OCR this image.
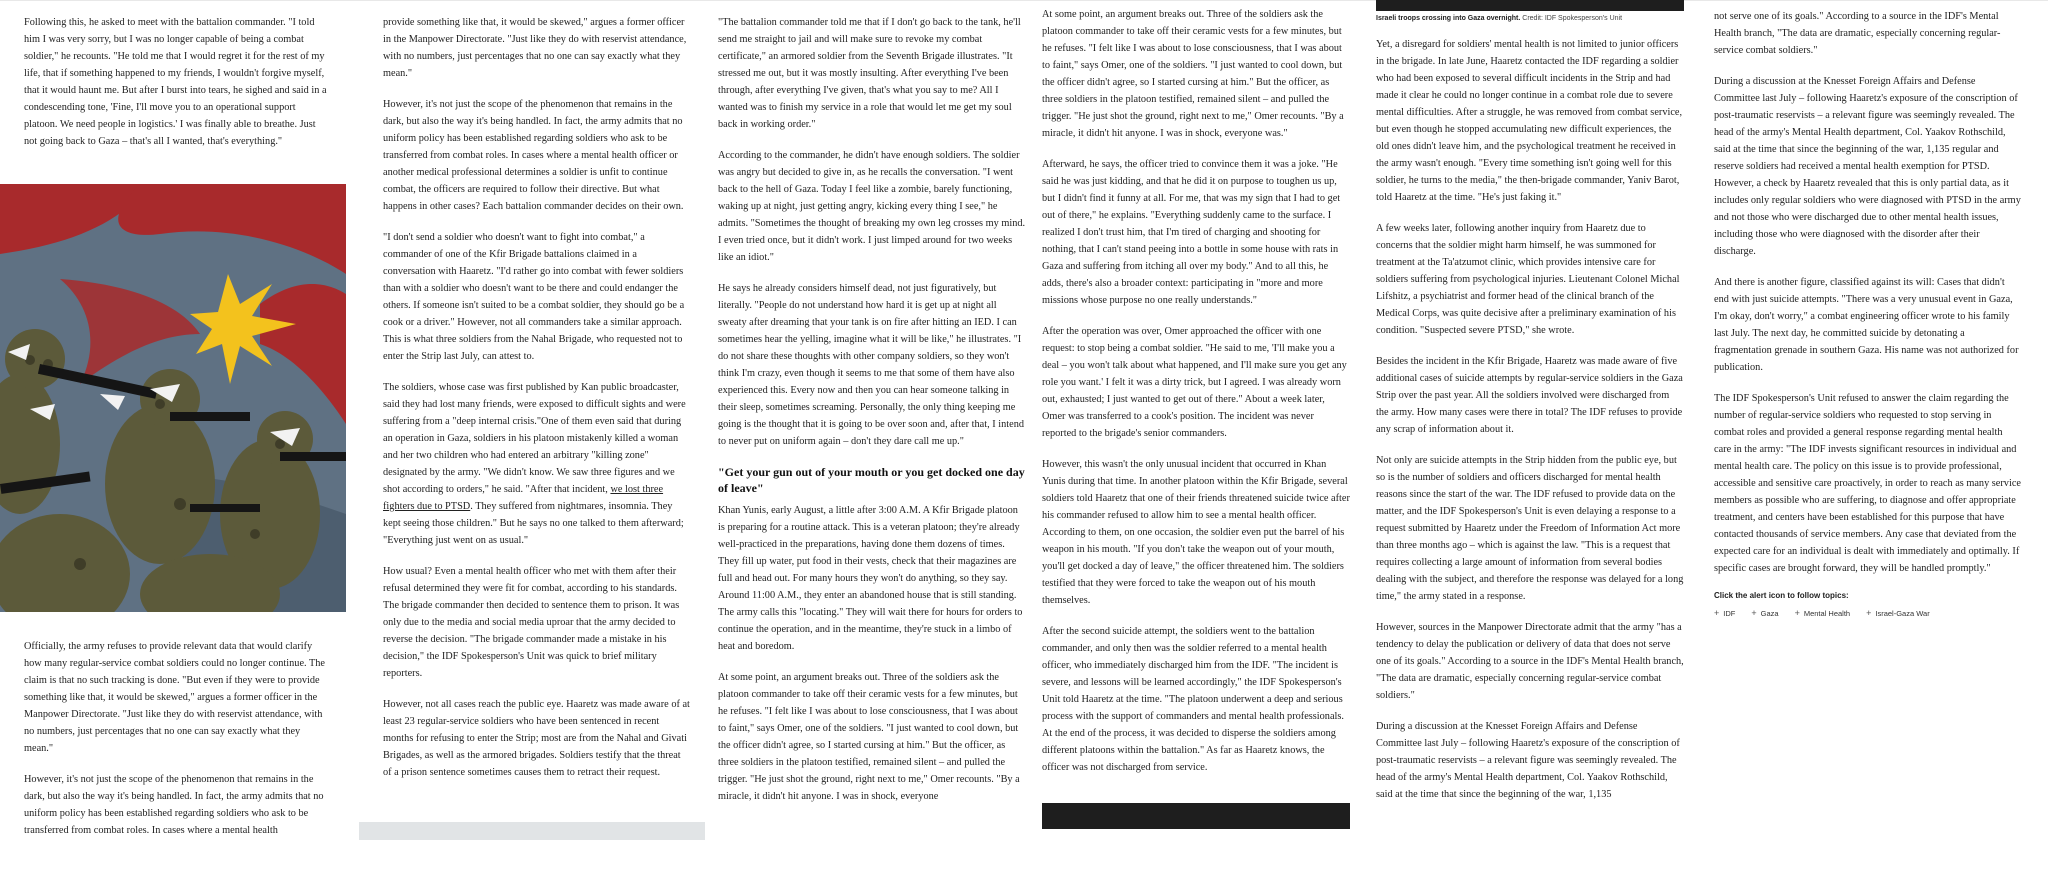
Following this, he asked to meet with the battalion commander. "I told him I was very sorry, but I was no longer capable of being a combat soldier," he recounts. "He told me that I would regret it for the rest of my life, that if something happened to my friends, I wouldn't forgive myself, that it would haunt me. But after I burst into tears, he sighed and said in a condescending tone, 'Fine, I'll move you to an operational support platoon. We need people in logistics.' I was finally able to breathe. Just not going back to Gaza – that's all I wanted, that's everything."

Officially, the army refuses to provide relevant data that would clarify how many regular-service combat soldiers could no longer continue. The claim is that no such tracking is done. "But even if they were to provide something like that, it would be skewed," argues a former officer in the Manpower Directorate. "Just like they do with reservist attendance, with no numbers, just percentages that no one can say exactly what they mean."

However, it's not just the scope of the phenomenon that remains in the dark, but also the way it's being handled. In fact, the army admits that no uniform policy has been established regarding soldiers who ask to be transferred from combat roles. In cases where a mental health

provide something like that, it would be skewed," argues a former officer in the Manpower Directorate. "Just like they do with reservist attendance, with no numbers, just percentages that no one can say exactly what they mean."

However, it's not just the scope of the phenomenon that remains in the dark, but also the way it's being handled. In fact, the army admits that no uniform policy has been established regarding soldiers who ask to be transferred from combat roles. In cases where a mental health officer or another medical professional determines a soldier is unfit to continue combat, the officers are required to follow their directive. But what happens in other cases? Each battalion commander decides on their own.

"I don't send a soldier who doesn't want to fight into combat," a commander of one of the Kfir Brigade battalions claimed in a conversation with Haaretz. "I'd rather go into combat with fewer soldiers than with a soldier who doesn't want to be there and could endanger the others. If someone isn't suited to be a combat soldier, they should go be a cook or a driver." However, not all commanders take a similar approach. This is what three soldiers from the Nahal Brigade, who requested not to enter the Strip last July, can attest to.

The soldiers, whose case was first published by Kan public broadcaster, said they had lost many friends, were exposed to difficult sights and were suffering from a "deep internal crisis."One of them even said that during an operation in Gaza, soldiers in his platoon mistakenly killed a woman and her two children who had entered an arbitrary "killing zone" designated by the army. "We didn't know. We saw three figures and we shot according to orders," he said. "After that incident, we lost three fighters due to PTSD. They suffered from nightmares, insomnia. They kept seeing those children." But he says no one talked to them afterward; "Everything just went on as usual."

How usual? Even a mental health officer who met with them after their refusal determined they were fit for combat, according to his standards. The brigade commander then decided to sentence them to prison. It was only due to the media and social media uproar that the army decided to reverse the decision. "The brigade commander made a mistake in his decision," the IDF Spokesperson's Unit was quick to brief military reporters.

However, not all cases reach the public eye. Haaretz was made aware of at least 23 regular-service soldiers who have been sentenced in recent months for refusing to enter the Strip; most are from the Nahal and Givati Brigades, as well as the armored brigades. Soldiers testify that the threat of a prison sentence sometimes causes them to retract their request.

"The battalion commander told me that if I don't go back to the tank, he'll send me straight to jail and will make sure to revoke my combat certificate," an armored soldier from the Seventh Brigade illustrates. "It stressed me out, but it was mostly insulting. After everything I've been through, after everything I've given, that's what you say to me? All I wanted was to finish my service in a role that would let me get my soul back in working order."

According to the commander, he didn't have enough soldiers. The soldier was angry but decided to give in, as he recalls the conversation. "I went back to the hell of Gaza. Today I feel like a zombie, barely functioning, waking up at night, just getting angry, kicking every thing I see," he admits. "Sometimes the thought of breaking my own leg crosses my mind. I even tried once, but it didn't work. I just limped around for two weeks like an idiot."

He says he already considers himself dead, not just figuratively, but literally. "People do not understand how hard it is get up at night all sweaty after dreaming that your tank is on fire after hitting an IED. I can sometimes hear the yelling, imagine what it will be like," he illustrates. "I do not share these thoughts with other company soldiers, so they won't think I'm crazy, even though it seems to me that some of them have also experienced this. Every now and then you can hear someone talking in their sleep, sometimes screaming. Personally, the only thing keeping me going is the thought that it is going to be over soon and, after that, I intend to never put on uniform again – don't they dare call me up."

"Get your gun out of your mouth or you get docked one day of leave"

Khan Yunis, early August, a little after 3:00 A.M. A Kfir Brigade platoon is preparing for a routine attack. This is a veteran platoon; they're already well-practiced in the preparations, having done them dozens of times. They fill up water, put food in their vests, check that their magazines are full and head out. For many hours they won't do anything, so they say. Around 11:00 A.M., they enter an abandoned house that is still standing. The army calls this "locating." They will wait there for hours for orders to continue the operation, and in the meantime, they're stuck in a limbo of heat and boredom.

At some point, an argument breaks out. Three of the soldiers ask the platoon commander to take off their ceramic vests for a few minutes, but he refuses. "I felt like I was about to lose consciousness, that I was about to faint," says Omer, one of the soldiers. "I just wanted to cool down, but the officer didn't agree, so I started cursing at him." But the officer, as three soldiers in the platoon testified, remained silent – and pulled the trigger. "He just shot the ground, right next to me," Omer recounts. "By a miracle, it didn't hit anyone. I was in shock, everyone

At some point, an argument breaks out. Three of the soldiers ask the platoon commander to take off their ceramic vests for a few minutes, but he refuses. "I felt like I was about to lose consciousness, that I was about to faint," says Omer, one of the soldiers. "I just wanted to cool down, but the officer didn't agree, so I started cursing at him." But the officer, as three soldiers in the platoon testified, remained silent – and pulled the trigger. "He just shot the ground, right next to me," Omer recounts. "By a miracle, it didn't hit anyone. I was in shock, everyone was."

Afterward, he says, the officer tried to convince them it was a joke. "He said he was just kidding, and that he did it on purpose to toughen us up, but I didn't find it funny at all. For me, that was my sign that I had to get out of there," he explains. "Everything suddenly came to the surface. I realized I don't trust him, that I'm tired of charging and shooting for nothing, that I can't stand peeing into a bottle in some house with rats in Gaza and suffering from itching all over my body." And to all this, he adds, there's also a broader context: participating in "more and more missions whose purpose no one really understands."

After the operation was over, Omer approached the officer with one request: to stop being a combat soldier. "He said to me, 'I'll make you a deal – you won't talk about what happened, and I'll make sure you get any role you want.' I felt it was a dirty trick, but I agreed. I was already worn out, exhausted; I just wanted to get out of there." About a week later, Omer was transferred to a cook's position. The incident was never reported to the brigade's senior commanders.

However, this wasn't the only unusual incident that occurred in Khan Yunis during that time. In another platoon within the Kfir Brigade, several soldiers told Haaretz that one of their friends threatened suicide twice after his commander refused to allow him to see a mental health officer. According to them, on one occasion, the soldier even put the barrel of his weapon in his mouth. "If you don't take the weapon out of your mouth, you'll get docked a day of leave," the officer threatened him. The soldiers testified that they were forced to take the weapon out of his mouth themselves.

After the second suicide attempt, the soldiers went to the battalion commander, and only then was the soldier referred to a mental health officer, who immediately discharged him from the IDF. "The incident is severe, and lessons will be learned accordingly," the IDF Spokesperson's Unit told Haaretz at the time. "The platoon underwent a deep and serious process with the support of commanders and mental health professionals. At the end of the process, it was decided to disperse the soldiers among different platoons within the battalion." As far as Haaretz knows, the officer was not discharged from service.

Israeli troops crossing into Gaza overnight. Credit: IDF Spokesperson's Unit

Yet, a disregard for soldiers' mental health is not limited to junior officers in the brigade. In late June, Haaretz contacted the IDF regarding a soldier who had been exposed to several difficult incidents in the Strip and had made it clear he could no longer continue in a combat role due to severe mental difficulties. After a struggle, he was removed from combat service, but even though he stopped accumulating new difficult experiences, the old ones didn't leave him, and the psychological treatment he received in the army wasn't enough. "Every time something isn't going well for this soldier, he turns to the media," the then-brigade commander, Yaniv Barot, told Haaretz at the time. "He's just faking it."

A few weeks later, following another inquiry from Haaretz due to concerns that the soldier might harm himself, he was summoned for treatment at the Ta'atzumot clinic, which provides intensive care for soldiers suffering from psychological injuries. Lieutenant Colonel Michal Lifshitz, a psychiatrist and former head of the clinical branch of the Medical Corps, was quite decisive after a preliminary examination of his condition. "Suspected severe PTSD," she wrote.

Besides the incident in the Kfir Brigade, Haaretz was made aware of five additional cases of suicide attempts by regular-service soldiers in the Gaza Strip over the past year. All the soldiers involved were discharged from the army. How many cases were there in total? The IDF refuses to provide any scrap of information about it.

Not only are suicide attempts in the Strip hidden from the public eye, but so is the number of soldiers and officers discharged for mental health reasons since the start of the war. The IDF refused to provide data on the matter, and the IDF Spokesperson's Unit is even delaying a response to a request submitted by Haaretz under the Freedom of Information Act more than three months ago – which is against the law. "This is a request that requires collecting a large amount of information from several bodies dealing with the subject, and therefore the response was delayed for a long time," the army stated in a response.

However, sources in the Manpower Directorate admit that the army "has a tendency to delay the publication or delivery of data that does not serve one of its goals." According to a source in the IDF's Mental Health branch, "The data are dramatic, especially concerning regular-service combat soldiers."

During a discussion at the Knesset Foreign Affairs and Defense Committee last July – following Haaretz's exposure of the conscription of post-traumatic reservists – a relevant figure was seemingly revealed. The head of the army's Mental Health department, Col. Yaakov Rothschild, said at the time that since the beginning of the war, 1,135

not serve one of its goals." According to a source in the IDF's Mental Health branch, "The data are dramatic, especially concerning regular-service combat soldiers."

During a discussion at the Knesset Foreign Affairs and Defense Committee last July – following Haaretz's exposure of the conscription of post-traumatic reservists – a relevant figure was seemingly revealed. The head of the army's Mental Health department, Col. Yaakov Rothschild, said at the time that since the beginning of the war, 1,135 regular and reserve soldiers had received a mental health exemption for PTSD. However, a check by Haaretz revealed that this is only partial data, as it includes only regular soldiers who were diagnosed with PTSD in the army and not those who were discharged due to other mental health issues, including those who were diagnosed with the disorder after their discharge.

And there is another figure, classified against its will: Cases that didn't end with just suicide attempts. "There was a very unusual event in Gaza, I'm okay, don't worry," a combat engineering officer wrote to his family last July. The next day, he committed suicide by detonating a fragmentation grenade in southern Gaza. His name was not authorized for publication.

The IDF Spokesperson's Unit refused to answer the claim regarding the number of regular-service soldiers who requested to stop serving in combat roles and provided a general response regarding mental health care in the army: "The IDF invests significant resources in individual and mental health care. The policy on this issue is to provide professional, accessible and sensitive care proactively, in order to reach as many service members as possible who are suffering, to diagnose and offer appropriate treatment, and centers have been established for this purpose that have contacted thousands of service members. Any case that deviated from the expected care for an individual is dealt with immediately and optimally. If specific cases are brought forward, they will be handled promptly."

Click the alert icon to follow topics:
+ IDF + Gaza + Mental Health + Israel-Gaza War
